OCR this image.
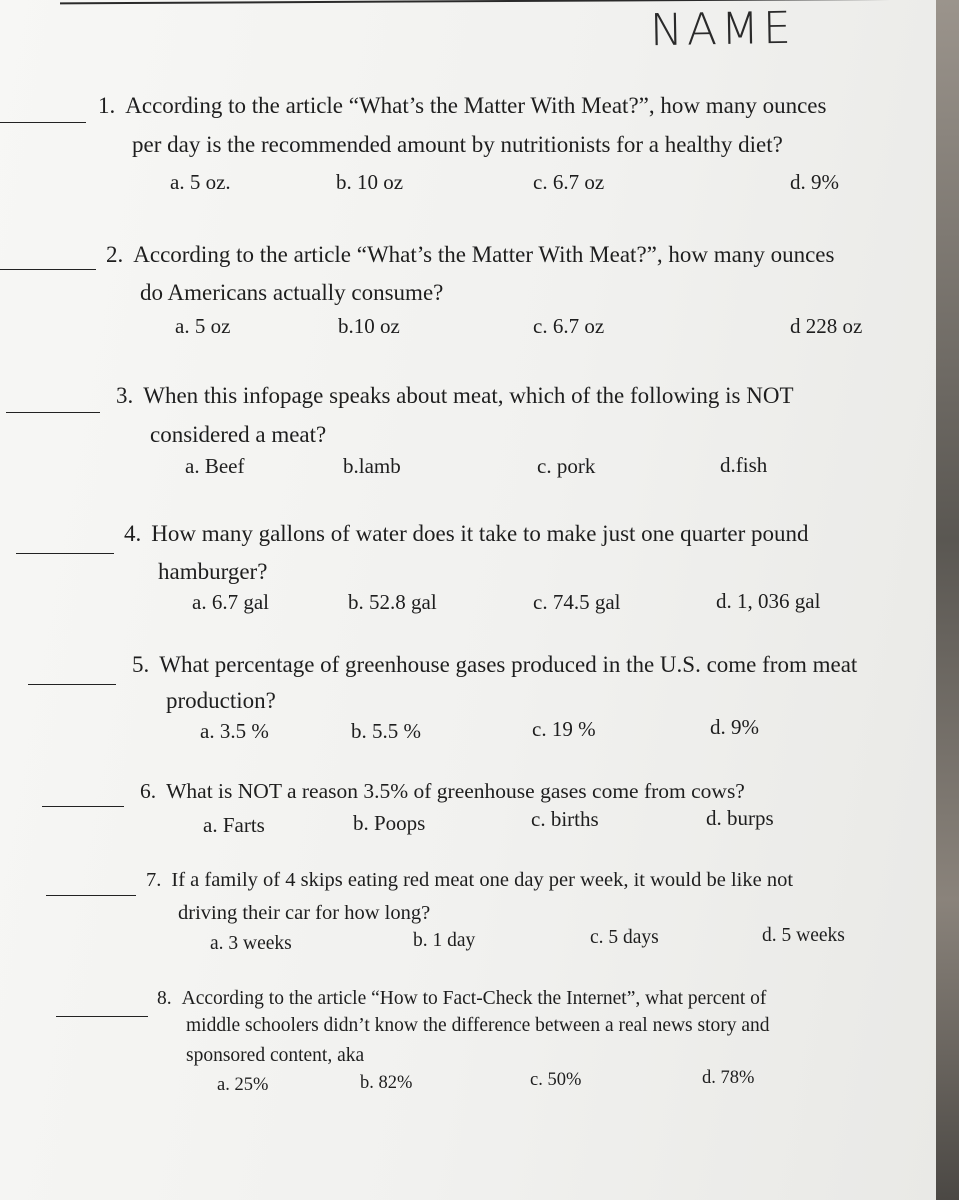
NAME
1. According to the article “What’s the Matter With Meat?”, how many ounces
per day is the recommended amount by nutritionists for a healthy diet?
a. 5 oz.	b. 10 oz	c. 6.7 oz	d. 9%
2. According to the article “What’s the Matter With Meat?”, how many ounces
do Americans actually consume?
a. 5 oz	b.10 oz	c. 6.7 oz	d 228 oz
3. When this infopage speaks about meat, which of the following is NOT
considered a meat?
a. Beef	b.lamb	c. pork	d.fish
4. How many gallons of water does it take to make just one quarter pound
hamburger?
a. 6.7 gal	b. 52.8 gal	c. 74.5 gal	d. 1, 036 gal
5. What percentage of greenhouse gases produced in the U.S. come from meat
production?
a. 3.5 %	b. 5.5 %	c. 19 %	d. 9%
6. What is NOT a reason 3.5% of greenhouse gases come from cows?
a. Farts	b. Poops	c. births	d. burps
7. If a family of 4 skips eating red meat one day per week, it would be like not
driving their car for how long?
a. 3 weeks	b. 1 day	c. 5 days	d. 5 weeks
8. According to the article “How to Fact-Check the Internet”, what percent of
middle schoolers didn’t know the difference between a real news story and
sponsored content, aka
a. 25%	b. 82%	c. 50%	d. 78%
